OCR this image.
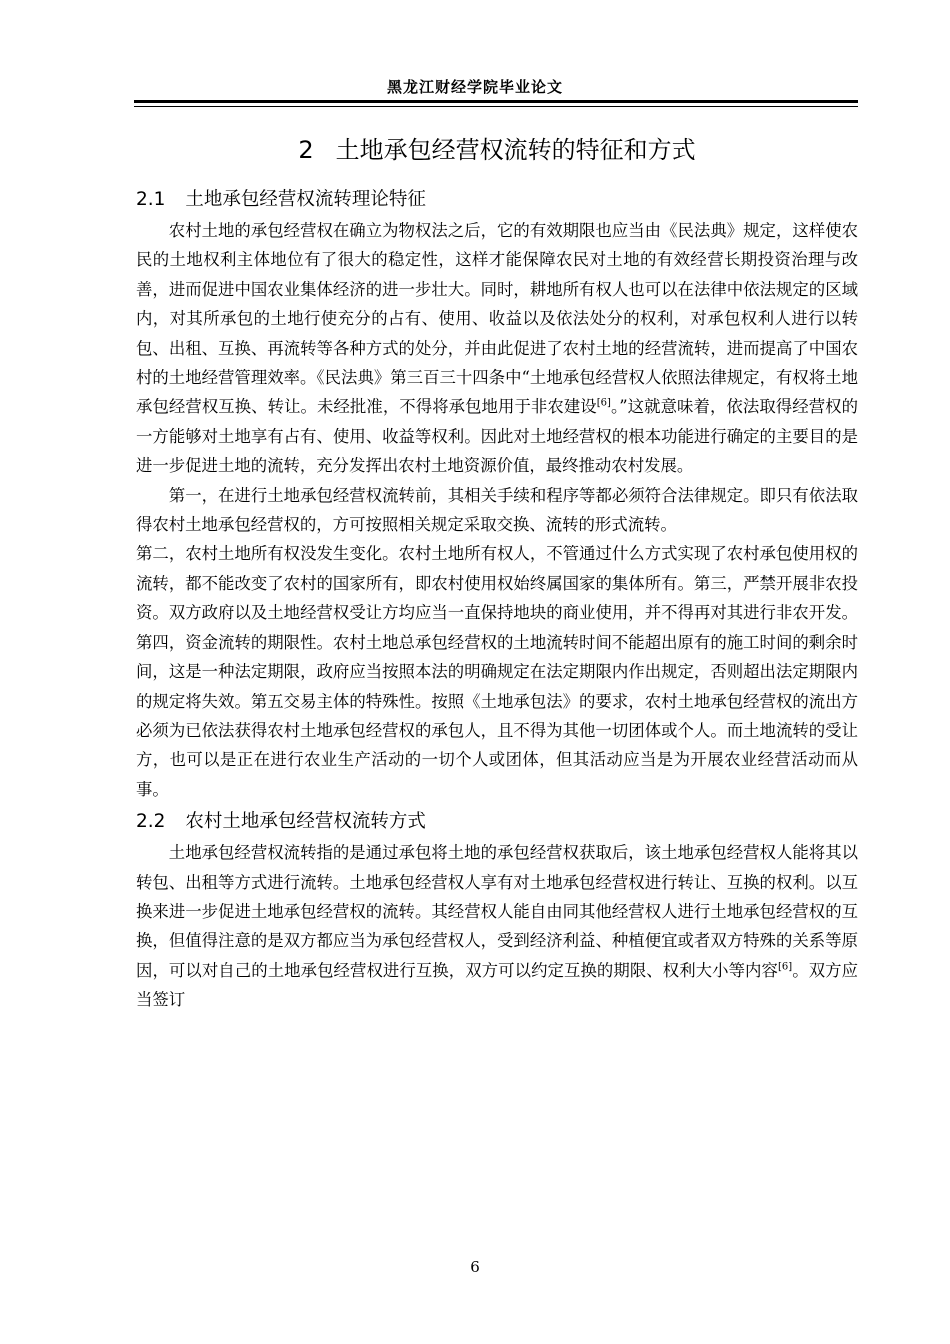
黑龙江财经学院毕业论文
2 土地承包经营权流转的特征和方式
2.1 土地承包经营权流转理论特征

农村土地的承包经营权在确立为物权法之后，它的有效期限也应当由《民法典》规定，这样使农民的土地权利主体地位有了很大的稳定性，这样才能保障农民对土地的有效经营长期投资治理与改善，进而促进中国农业集体经济的进一步壮大。同时，耕地所有权人也可以在法律中依法规定的区域内，对其所承包的土地行使充分的占有、使用、收益以及依法处分的权利，对承包权利人进行以转包、出租、互换、再流转等各种方式的处分，并由此促进了农村土地的经营流转，进而提高了中国农村的土地经营管理效率。《民法典》第三百三十四条中“土地承包经营权人依照法律规定，有权将土地承包经营权互换、转让。未经批准，不得将承包地用于非农建设[6]。”这就意味着，依法取得经营权的一方能够对土地享有占有、使用、收益等权利。因此对土地经营权的根本功能进行确定的主要目的是进一步促进土地的流转，充分发挥出农村土地资源价值，最终推动农村发展。

第一，在进行土地承包经营权流转前，其相关手续和程序等都必须符合法律规定。即只有依法取得农村土地承包经营权的，方可按照相关规定采取交换、流转的形式流转。

第二，农村土地所有权没发生变化。农村土地所有权人，不管通过什么方式实现了农村承包使用权的流转，都不能改变了农村的国家所有，即农村使用权始终属国家的集体所有。第三，严禁开展非农投资。双方政府以及土地经营权受让方均应当一直保持地块的商业使用，并不得再对其进行非农开发。第四，资金流转的期限性。农村土地总承包经营权的土地流转时间不能超出原有的施工时间的剩余时间，这是一种法定期限，政府应当按照本法的明确规定在法定期限内作出规定，否则超出法定期限内的规定将失效。第五交易主体的特殊性。按照《土地承包法》的要求，农村土地承包经营权的流出方必须为已依法获得农村土地承包经营权的承包人，且不得为其他一切团体或个人。而土地流转的受让方，也可以是正在进行农业生产活动的一切个人或团体，但其活动应当是为开展农业经营活动而从事。

2.2 农村土地承包经营权流转方式

土地承包经营权流转指的是通过承包将土地的承包经营权获取后，该土地承包经营权人能将其以转包、出租等方式进行流转。土地承包经营权人享有对土地承包经营权进行转让、互换的权利。以互换来进一步促进土地承包经营权的流转。其经营权人能自由同其他经营权人进行土地承包经营权的互换，但值得注意的是双方都应当为承包经营权人，受到经济利益、种植便宜或者双方特殊的关系等原因，可以对自己的土地承包经营权进行互换，双方可以约定互换的期限、权利大小等内容[6]。双方应当签订

6
